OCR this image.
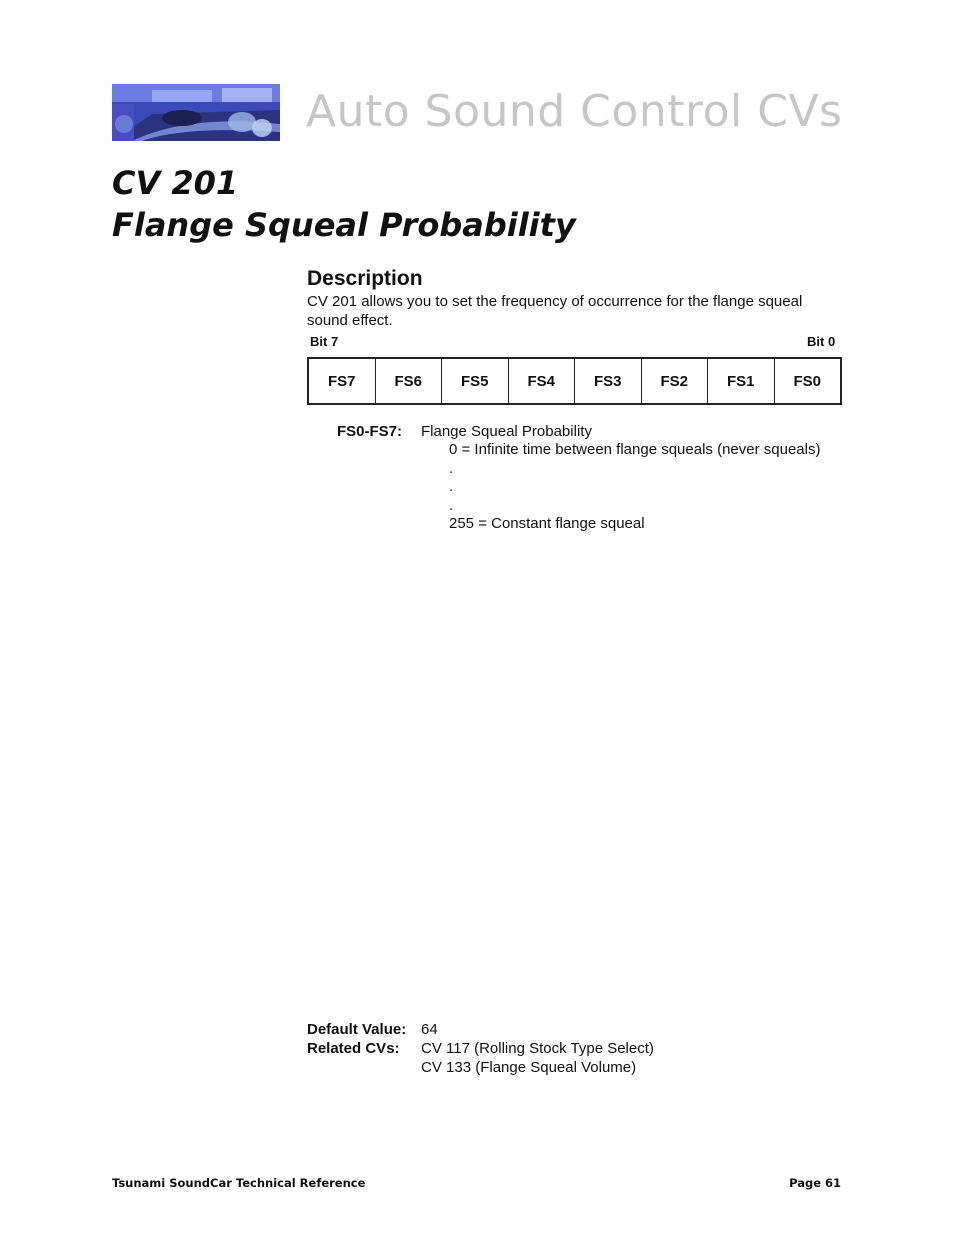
Auto Sound Control CVs
CV 201
Flange Squeal Probability
Description
CV 201 allows you to set the frequency of occurrence for the flange squeal sound effect.
Bit 7	Bit 0
FS7	FS6	FS5	FS4	FS3	FS2	FS1	FS0
FS0-FS7: Flange Squeal Probability
0 = Infinite time between flange squeals (never squeals)
.
.
.
255 = Constant flange squeal
Default Value: 64
Related CVs: CV 117 (Rolling Stock Type Select)
CV 133 (Flange Squeal Volume)
Tsunami SoundCar Technical Reference	Page 61
